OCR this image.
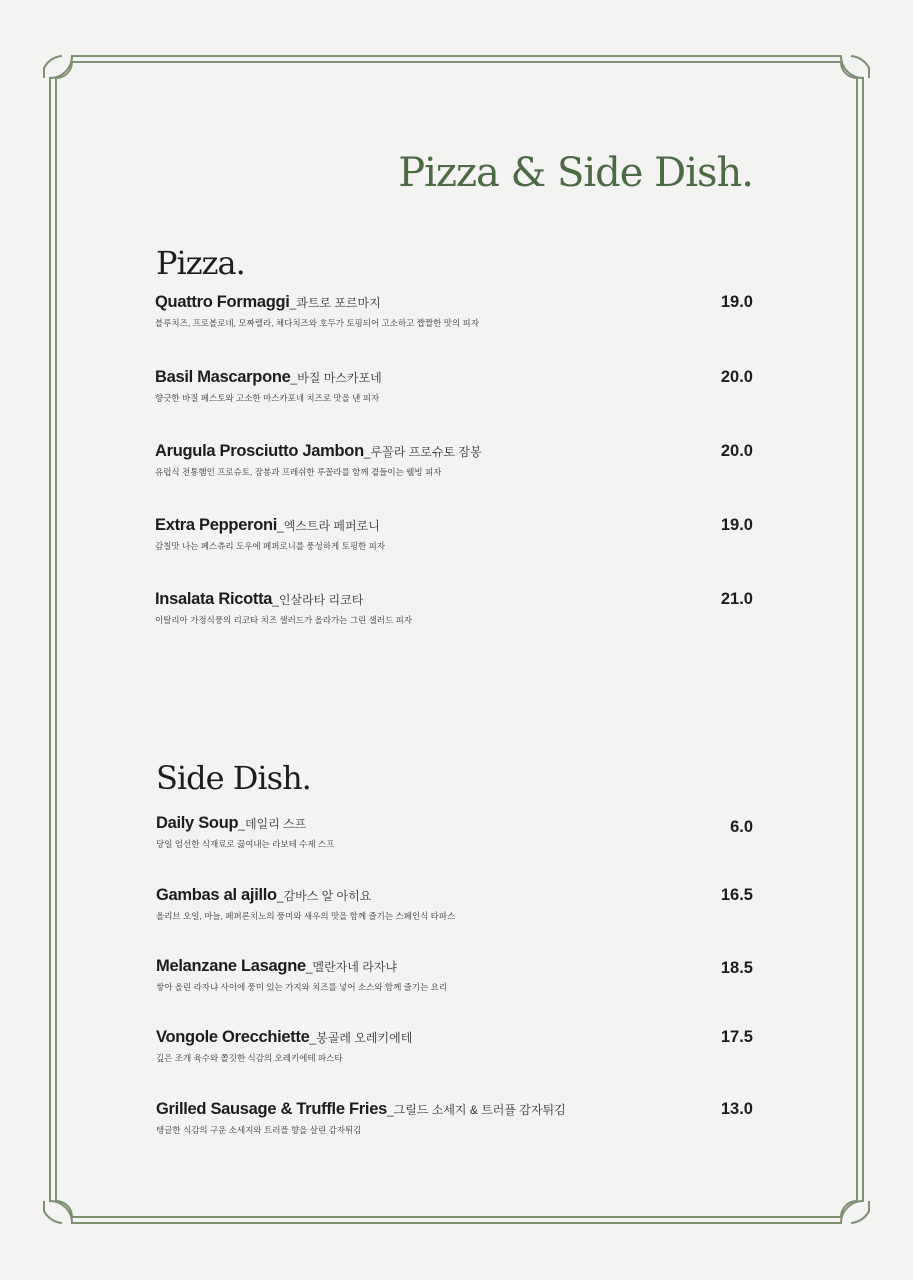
Pizza & Side Dish.
Pizza.
Quattro Formaggi_콰트로 포르마지
블루치즈, 프로볼로네, 모짜렐라, 체다치즈와 호두가 토핑되어 고소하고 짭짤한 맛의 피자
19.0
Basil Mascarpone_바질 마스카포네
향긋한 바질 페스토와 고소한 마스카포네 치즈로 맛을 낸 피자
20.0
Arugula Prosciutto Jambon_루꼴라 프로슈토 잠봉
유럽식 전통햄인 프로슈토, 잠봉과 프레쉬한 루꼴라를 함께 곁들이는 웰빙 피자
20.0
Extra Pepperoni_엑스트라 페퍼로니
감칠맛 나는 페스츄리 도우에 페퍼로니를 풍성하게 토핑한 피자
19.0
Insalata Ricotta_인살라타 리코타
이탈리아 가정식풍의 리코타 치즈 샐러드가 올라가는 그린 샐러드 피자
21.0
Side Dish.
Daily Soup_데일리 스프
당일 엄선한 식재료로 끓여내는 라보테 수제 스프
6.0
Gambas al ajillo_감바스 알 아히요
올리브 오일, 마늘, 페퍼론치노의 풍미와 새우의 맛을 함께 즐기는 스페인식 타파스
16.5
Melanzane Lasagne_멜란자네 라자냐
쌓아 올린 라자냐 사이에 풍미 있는 가지와 치즈를 넣어 소스와 함께 즐기는 요리
18.5
Vongole Orecchiette_봉골레 오레키에테
깊은 조개 육수와 쫄깃한 식감의 오레키에테 파스타
17.5
Grilled Sausage & Truffle Fries_그릴드 소세지 & 트러플 감자튀김
탱글한 식감의 구운 소세지와 트러플 향을 살린 감자튀김
13.0
